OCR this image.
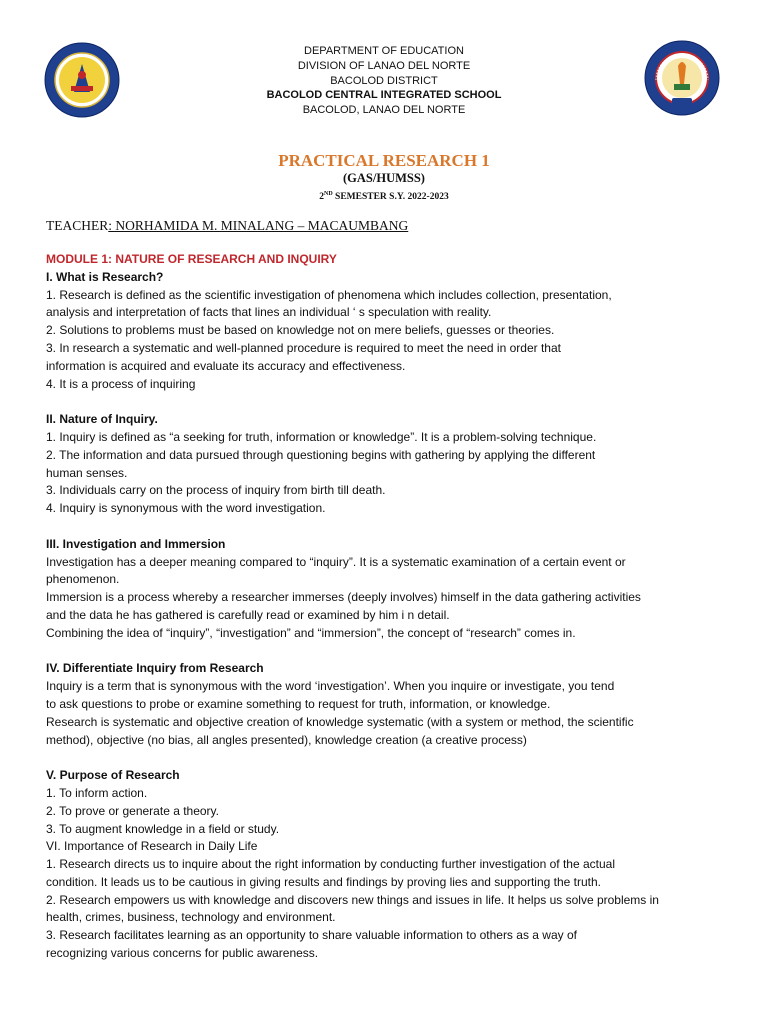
DEPARTMENT OF EDUCATION
DIVISION OF LANAO DEL NORTE
BACOLOD DISTRICT
BACOLOD CENTRAL INTEGRATED SCHOOL
BACOLOD, LANAO DEL NORTE
PRACTICAL RESEARCH 1
(GAS/HUMSS)
2ND SEMESTER S.Y. 2022-2023
TEACHER: NORHAMIDA M. MINALANG – MACAUMBANG
MODULE 1: NATURE OF RESEARCH AND INQUIRY
I. What is Research?
1. Research is defined as the scientific investigation of phenomena which includes collection, presentation,
analysis and interpretation of facts that lines an individual ‘ s speculation with reality.
2. Solutions to problems must be based on knowledge not on mere beliefs, guesses or theories.
3. In research a systematic and well-planned procedure is required to meet the need in order that
information is acquired and evaluate its accuracy and effectiveness.
4. It is a process of inquiring
II. Nature of Inquiry.
1. Inquiry is defined as “a seeking for truth, information or knowledge”. It is a problem-solving technique.
2. The information and data pursued through questioning begins with gathering by applying the different
human senses.
3. Individuals carry on the process of inquiry from birth till death.
4. Inquiry is synonymous with the word investigation.
III. Investigation and Immersion
Investigation has a deeper meaning compared to “inquiry”. It is a systematic examination of a certain event or
phenomenon.
Immersion is a process whereby a researcher immerses (deeply involves) himself in the data gathering activities
and the data he has gathered is carefully read or examined by him i n detail.
Combining the idea of “inquiry”, “investigation” and “immersion”, the concept of “research” comes in.
IV. Differentiate Inquiry from Research
Inquiry is a term that is synonymous with the word ‘investigation’. When you inquire or investigate, you tend
to ask questions to probe or examine something to request for truth, information, or knowledge.
Research is systematic and objective creation of knowledge systematic (with a system or method, the scientific
method), objective (no bias, all angles presented), knowledge creation (a creative process)
V. Purpose of Research
1. To inform action.
2. To prove or generate a theory.
3. To augment knowledge in a field or study.
VI. Importance of Research in Daily Life
1. Research directs us to inquire about the right information by conducting further investigation of the actual
condition. It leads us to be cautious in giving results and findings by proving lies and supporting the truth.
2. Research empowers us with knowledge and discovers new things and issues in life. It helps us solve problems in
health, crimes, business, technology and environment.
3. Research facilitates learning as an opportunity to share valuable information to others as a way of
recognizing various concerns for public awareness.
